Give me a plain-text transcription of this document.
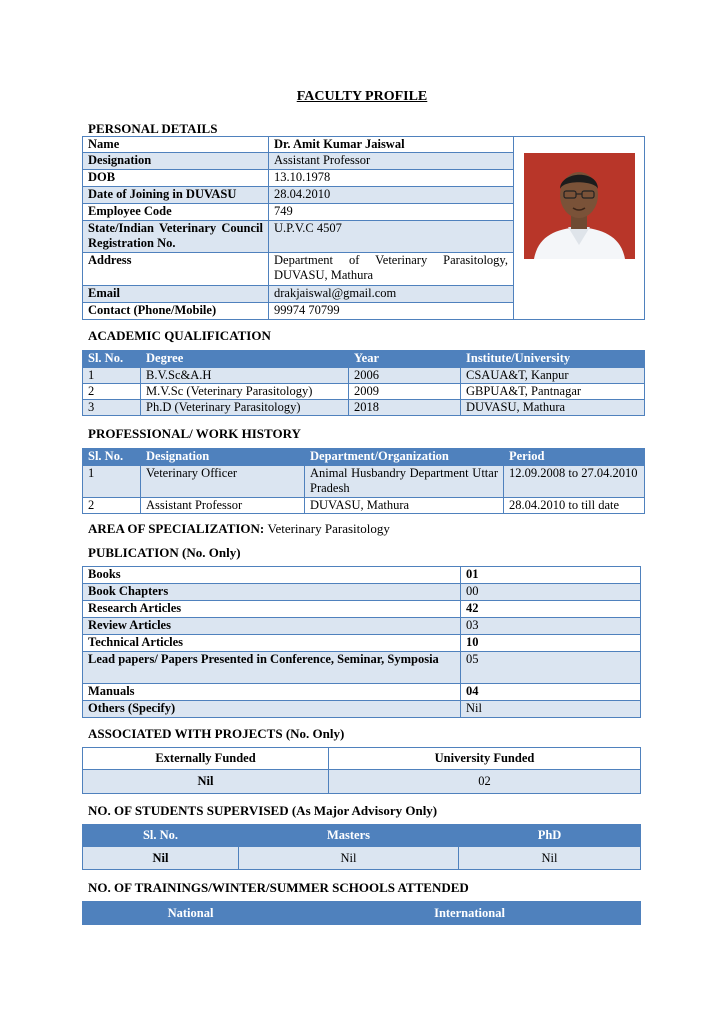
FACULTY PROFILE
PERSONAL DETAILS
Name	Dr. Amit Kumar Jaiswal	
Designation	Assistant Professor	
DOB	13.10.1978	
Date of Joining in DUVASU	28.04.2010	
Employee Code	749	
State/Indian Veterinary Council Registration No.	U.P.V.C 4507	
Address	Department of Veterinary Parasitology, DUVASU, Mathura	
Email	drakjaiswal@gmail.com	
Contact (Phone/Mobile)	99974 70799	
ACADEMIC QUALIFICATION
Sl. No.	Degree	Year	Institute/University
1	B.V.Sc&A.H	2006	CSAUA&T, Kanpur
2	M.V.Sc (Veterinary Parasitology)	2009	GBPUA&T, Pantnagar
3	Ph.D (Veterinary Parasitology)	2018	DUVASU, Mathura
PROFESSIONAL/ WORK HISTORY
Sl. No.	Designation	Department/Organization	Period
1	Veterinary Officer	Animal Husbandry Department Uttar Pradesh	12.09.2008 to 27.04.2010
2	Assistant Professor	DUVASU, Mathura	28.04.2010 to till date
AREA OF SPECIALIZATION: Veterinary Parasitology
PUBLICATION (No. Only)
Books	01
Book Chapters	00
Research Articles	42
Review Articles	03
Technical Articles	10
Lead papers/ Papers Presented in Conference, Seminar, Symposia	05
Manuals	04
Others (Specify)	Nil
ASSOCIATED WITH PROJECTS (No. Only)
Externally Funded	University Funded
Nil	02
NO. OF STUDENTS SUPERVISED (As Major Advisory Only)
Sl. No.	Masters	PhD
Nil	Nil	Nil
NO. OF TRAININGS/WINTER/SUMMER SCHOOLS ATTENDED
National	International
